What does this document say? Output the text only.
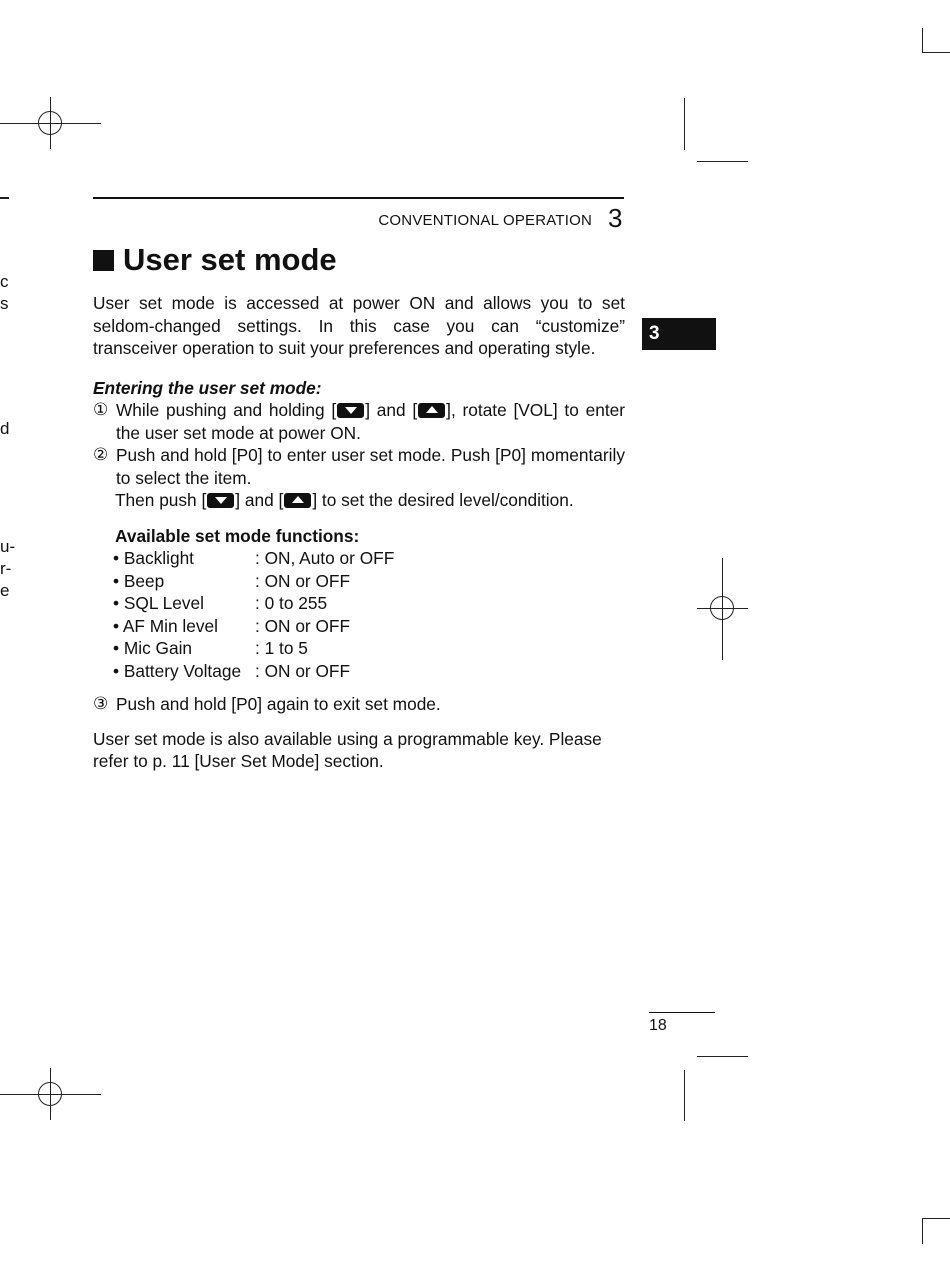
c
s
d
u-
r-
e
CONVENTIONAL OPERATION 3
3
User set mode

User set mode is accessed at power ON and allows you to set seldom-changed settings. In this case you can “customize” transceiver operation to suit your preferences and operating style.

Entering the user set mode:

① While pushing and holding [ ] and [ ], rotate [VOL] to enter the user set mode at power ON.
② Push and hold [P0] to enter user set mode. Push [P0] momentarily to select the item.

Then push [ ] and [ ] to set the desired level/condition.

Available set mode functions:

• Backlight	: ON, Auto or OFF
• Beep	: ON or OFF
• SQL Level	: 0 to 255
• AF Min level	: ON or OFF
• Mic Gain	: 1 to 5
• Battery Voltage : ON or OFF
③ Push and hold [P0] again to exit set mode.

User set mode is also available using a programmable key. Please refer to p. 11 [User Set Mode] section.

18
